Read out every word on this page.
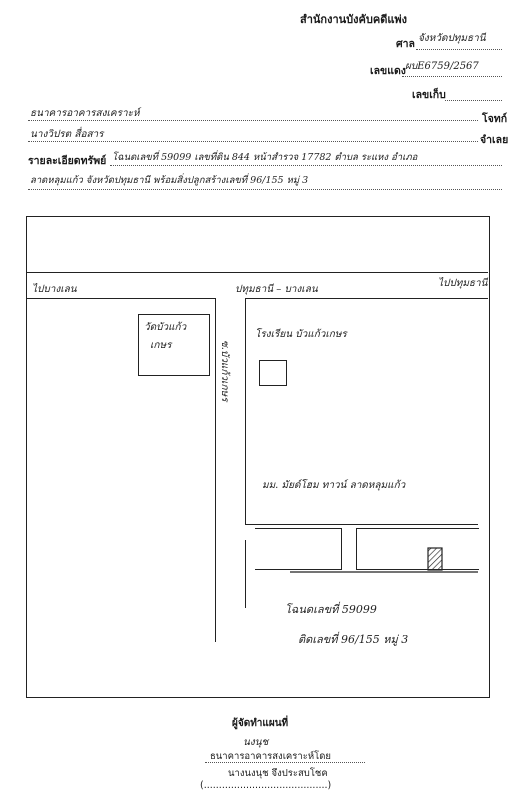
สำนักงานบังคับคดีแพ่ง
ศาล จังหวัดปทุมธานี
เลขแดง ผบE6759/2567
เลขเก็บ
ธนาคารอาคารสงเคราะห์	โจทก์
นางวิปรต สื่อสาร	จำเลย
รายละเอียดทรัพย์ โฉนดเลขที่ 59099 เลขที่ดิน 844 หน้าสำรวจ 17782 ตำบล ระแหง อำเภอ
ลาดหลุมแก้ว จังหวัดปทุมธานี พร้อมสิ่งปลูกสร้างเลขที่ 96/155 หมู่ 3
ไปบางเลน	ปทุมธานี – บางเลน
ไปปทุมธานี
ซ.บัวแก้วเกษร
วัดบัวแก้ว
เกษร
โรงเรียน บัวแก้วเกษร
มม. มัยด์โฮม ทาวน์ ลาดหลุมแก้ว
โฉนดเลขที่ 59099
ติดเลขที่ 96/155 หมู่ 3
ผู้จัดทำแผนที่
นงนุช
ธนาคารอาคารสงเคราะห์โดย
นางนงนุช จึงประสบโชค
(.........................................)
